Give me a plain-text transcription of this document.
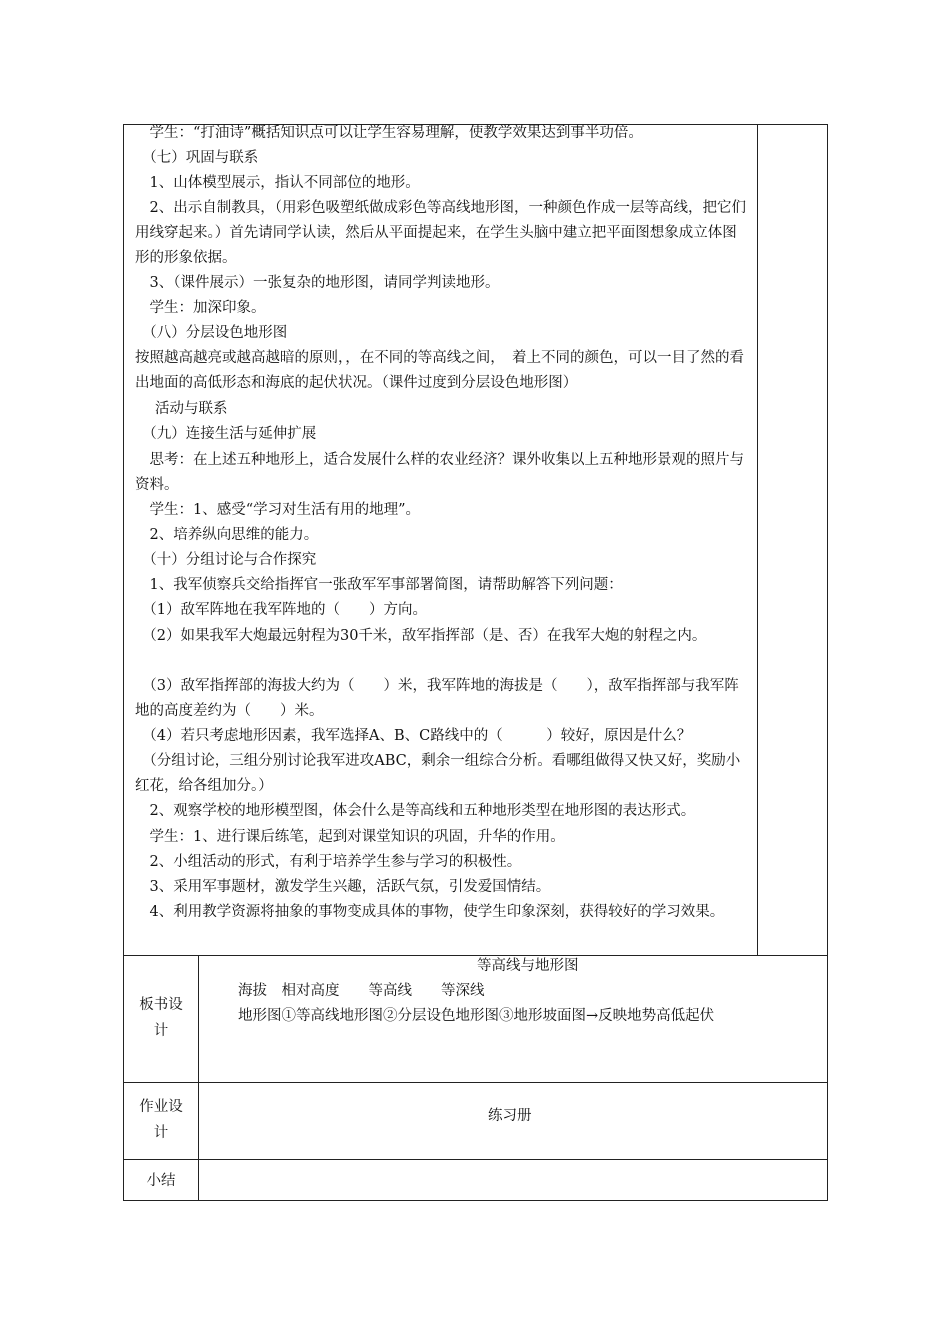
　学生：“打油诗”概括知识点可以让学生容易理解，使教学效果达到事半功倍。
　（七）巩固与联系
　1、山体模型展示，指认不同部位的地形。
　2、出示自制教具，（用彩色吸塑纸做成彩色等高线地形图，一种颜色作成一层等高线，把它们用线穿起来。）首先请同学认读，然后从平面提起来，在学生头脑中建立把平面图想象成立体图形的形象依据。
　3、（课件展示）一张复杂的地形图，请同学判读地形。
　学生：加深印象。
　（八）分层设色地形图
按照越高越亮或越高越暗的原则，，在不同的等高线之间，　着上不同的颜色，可以一目了然的看出地面的高低形态和海底的起伏状况。（课件过度到分层设色地形图）
活动与联系
　（九）连接生活与延伸扩展
　思考：在上述五种地形上，适合发展什么样的农业经济？课外收集以上五种地形景观的照片与资料。
　学生：1、感受“学习对生活有用的地理”。
　2、培养纵向思维的能力。
　（十）分组讨论与合作探究
　1、我军侦察兵交给指挥官一张敌军军事部署简图，请帮助解答下列问题：
　（1）敌军阵地在我军阵地的（　　）方向。
　（2）如果我军大炮最远射程为30千米，敌军指挥部（是、否）在我军大炮的射程之内。
　（3）敌军指挥部的海拔大约为（　　）米，我军阵地的海拔是（　　），敌军指挥部与我军阵地的高度差约为（　　）米。
　（4）若只考虑地形因素，我军选择A、B、C路线中的（　　　）较好，原因是什么？
　（分组讨论，三组分别讨论我军进攻ABC，剩余一组综合分析。看哪组做得又快又好，奖励小红花，给各组加分。）
　2、观察学校的地形模型图，体会什么是等高线和五种地形类型在地形图的表达形式。
　学生：1、进行课后练笔，起到对课堂知识的巩固，升华的作用。
　2、小组活动的形式，有利于培养学生参与学习的积极性。
　3、采用军事题材，激发学生兴趣，活跃气氛，引发爱国情结。
　4、利用教学资源将抽象的事物变成具体的事物，使学生印象深刻，获得较好的学习效果。
板书设计
等高线与地形图
海拔　相对高度　　等高线　　等深线
地形图①等高线地形图②分层设色地形图③地形坡面图→反映地势高低起伏
作业设计
练习册
小结
